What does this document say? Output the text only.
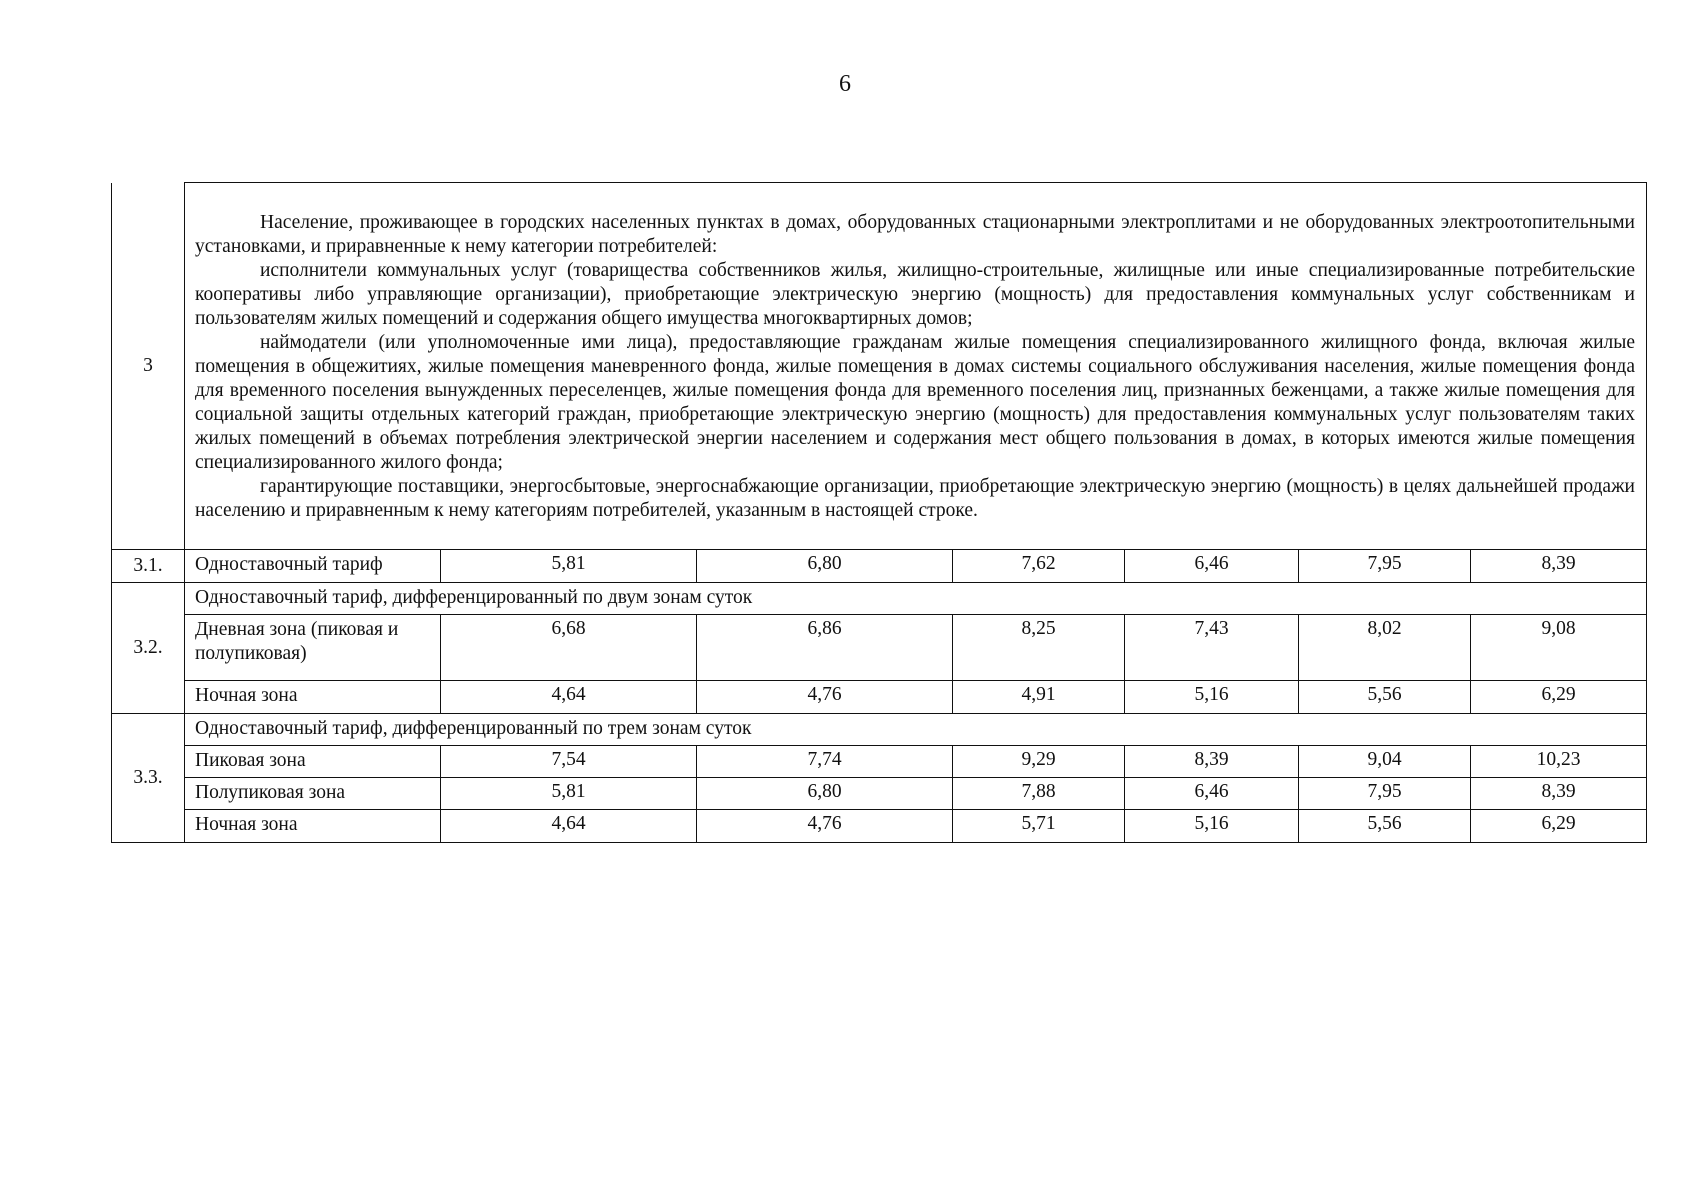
6
3	Население, проживающее в городских населенных пунктах в домах, оборудованных стационарными электроплитами и не оборудованных электроотопительными установками, и приравненные к нему категории потребителей:

исполнители коммунальных услуг (товарищества собственников жилья, жилищно-строительные, жилищные или иные специализированные потребительские кооперативы либо управляющие организации), приобретающие электрическую энергию (мощность) для предоставления коммунальных услуг собственникам и пользователям жилых помещений и содержания общего имущества многоквартирных домов;

наймодатели (или уполномоченные ими лица), предоставляющие гражданам жилые помещения специализированного жилищного фонда, включая жилые помещения в общежитиях, жилые помещения маневренного фонда, жилые помещения в домах системы социального обслуживания населения, жилые помещения фонда для временного поселения вынужденных переселенцев, жилые помещения фонда для временного поселения лиц, признанных беженцами, а также жилые помещения для социальной защиты отдельных категорий граждан, приобретающие электрическую энергию (мощность) для предоставления коммунальных услуг пользователям таких жилых помещений в объемах потребления электрической энергии населением и содержания мест общего пользования в домах, в которых имеются жилые помещения специализированного жилого фонда;

гарантирующие поставщики, энергосбытовые, энергоснабжающие организации, приобретающие электрическую энергию (мощность) в целях дальнейшей продажи населению и приравненным к нему категориям потребителей, указанным в настоящей строке.						

3.1.	Одноставочный тариф	5,81	6,80	7,62	6,46	7,95	8,39
3.2.	Одноставочный тариф, дифференцированный по двум зонам суток						
	Дневная зона (пиковая и полупиковая)	6,68	6,86	8,25	7,43	8,02	9,08
	Ночная зона	4,64	4,76	4,91	5,16	5,56	6,29
3.3.	Одноставочный тариф, дифференцированный по трем зонам суток						
	Пиковая зона	7,54	7,74	9,29	8,39	9,04	10,23
	Полупиковая зона	5,81	6,80	7,88	6,46	7,95	8,39
	Ночная зона	4,64	4,76	5,71	5,16	5,56	6,29
